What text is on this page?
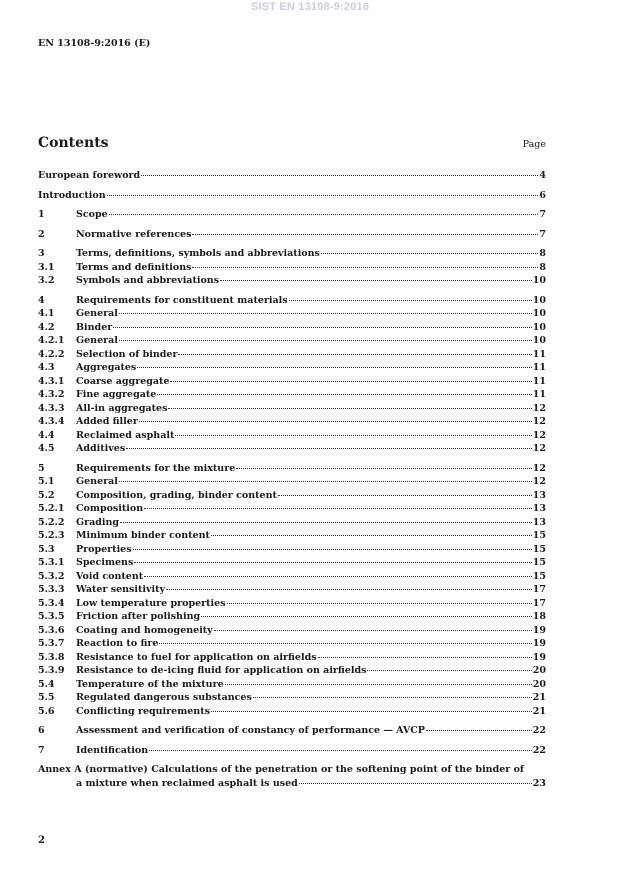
SIST EN 13108-9:2016
EN 13108-9:2016 (E)
Contents	Page
European foreword	4
Introduction	6
1	Scope	7
2	Normative references	7
3	Terms, definitions, symbols and abbreviations	8
3.1	Terms and definitions	8
3.2	Symbols and abbreviations	10
4	Requirements for constituent materials	10
4.1	General	10
4.2	Binder	10
4.2.1	General	10
4.2.2	Selection of binder	11
4.3	Aggregates	11
4.3.1	Coarse aggregate	11
4.3.2	Fine aggregate	11
4.3.3	All-in aggregates	12
4.3.4	Added filler	12
4.4	Reclaimed asphalt	12
4.5	Additives	12
5	Requirements for the mixture	12
5.1	General	12
5.2	Composition, grading, binder content	13
5.2.1	Composition	13
5.2.2	Grading	13
5.2.3	Minimum binder content	15
5.3	Properties	15
5.3.1	Specimens	15
5.3.2	Void content	15
5.3.3	Water sensitivity	17
5.3.4	Low temperature properties	17
5.3.5	Friction after polishing	18
5.3.6	Coating and homogeneity	19
5.3.7	Reaction to fire	19
5.3.8	Resistance to fuel for application on airfields	19
5.3.9	Resistance to de-icing fluid for application on airfields	20
5.4	Temperature of the mixture	20
5.5	Regulated dangerous substances	21
5.6	Conflicting requirements	21
6	Assessment and verification of constancy of performance — AVCP	22
7	Identification	22
Annex A (normative) Calculations of the penetration or the softening point of the binder of
a mixture when reclaimed asphalt is used	23
2
